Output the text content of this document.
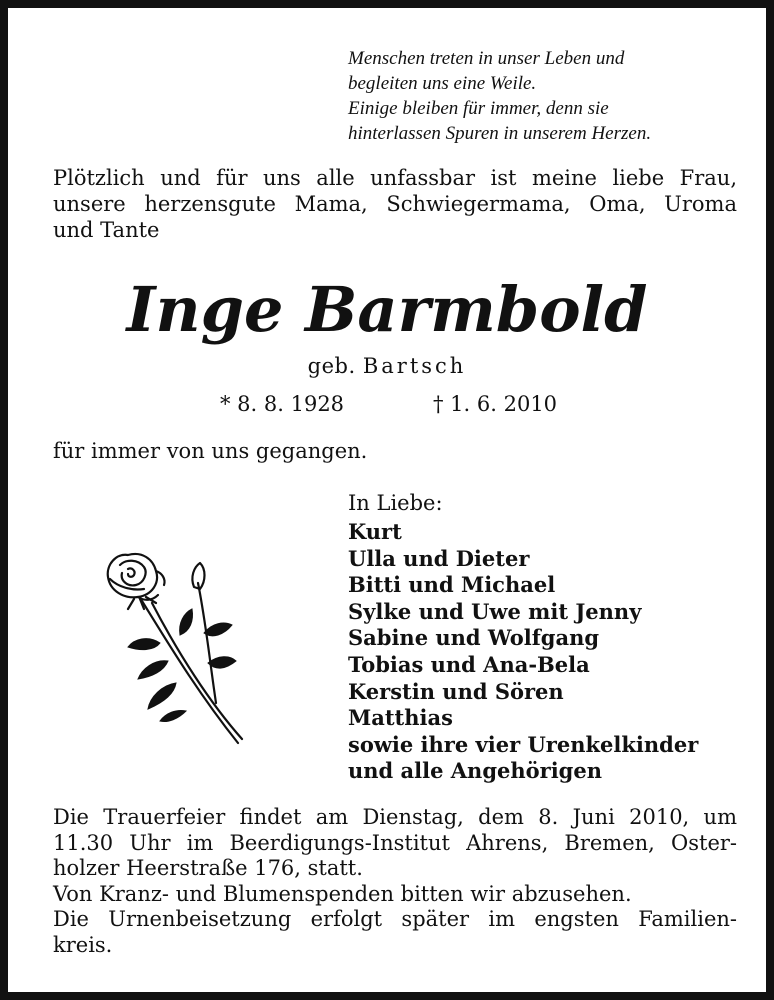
Menschen treten in unser Leben und
begleiten uns eine Weile.
Einige bleiben für immer, denn sie
hinterlassen Spuren in unserem Herzen.
Plötzlich und für uns alle unfassbar ist meine liebe Frau,
unsere herzensgute Mama, Schwiegermama, Oma, Uroma
und Tante
Inge Barmbold
geb. Bartsch
* 8. 8. 1928	† 1. 6. 2010
für immer von uns gegangen.
In Liebe:
Kurt
Ulla und Dieter
Bitti und Michael
Sylke und Uwe mit Jenny
Sabine und Wolfgang
Tobias und Ana-Bela
Kerstin und Sören
Matthias
sowie ihre vier Urenkelkinder
und alle Angehörigen
Die Trauerfeier findet am Dienstag, dem 8. Juni 2010, um
11.30 Uhr im Beerdigungs-Institut Ahrens, Bremen, Oster-
holzer Heerstraße 176, statt.
Von Kranz- und Blumenspenden bitten wir abzusehen.
Die Urnenbeisetzung erfolgt später im engsten Familien-
kreis.
